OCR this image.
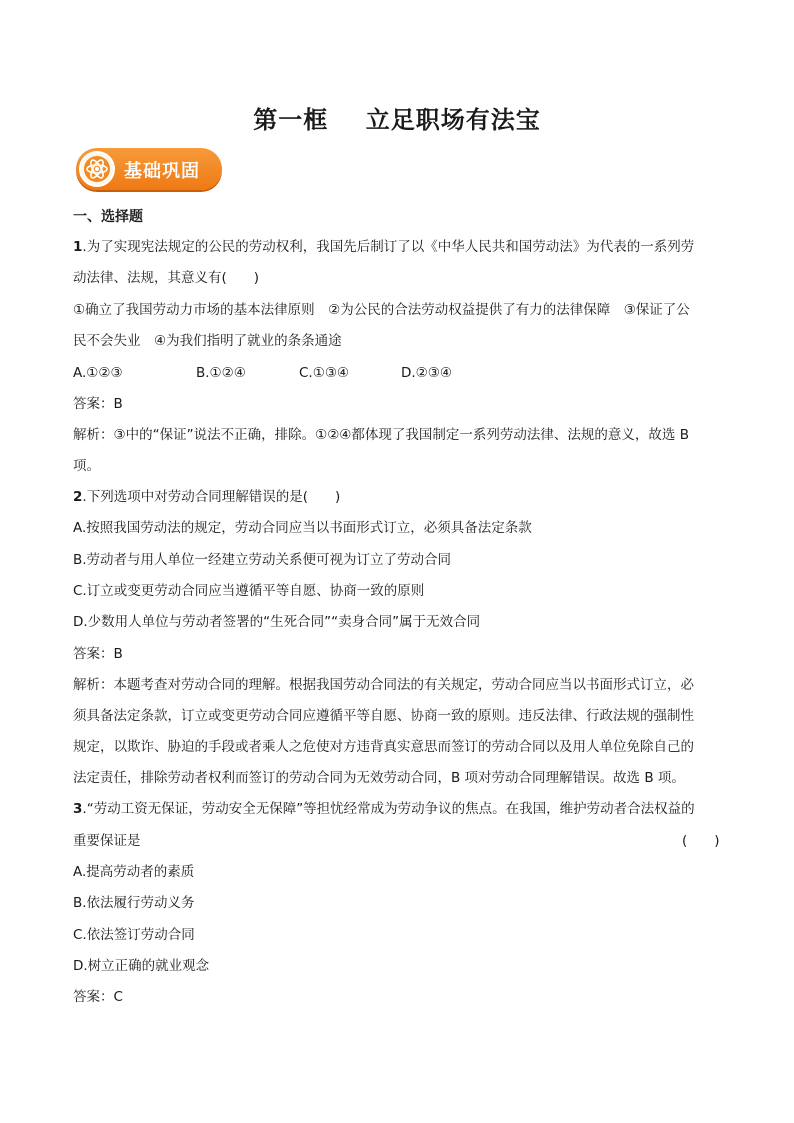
第一框    立足职场有法宝
基础巩固
一、选择题
1.为了实现宪法规定的公民的劳动权利，我国先后制订了以《中华人民共和国劳动法》为代表的一系列劳
动法律、法规，其意义有(　　)
①确立了我国劳动力市场的基本法律原则　②为公民的合法劳动权益提供了有力的法律保障　③保证了公
民不会失业　④为我们指明了就业的条条通途
A.①②③	B.①②④	C.①③④	D.②③④
答案：B
解析：③中的“保证”说法不正确，排除。①②④都体现了我国制定一系列劳动法律、法规的意义，故选 B
项。
2.下列选项中对劳动合同理解错误的是(　　)
A.按照我国劳动法的规定，劳动合同应当以书面形式订立，必须具备法定条款
B.劳动者与用人单位一经建立劳动关系便可视为订立了劳动合同
C.订立或变更劳动合同应当遵循平等自愿、协商一致的原则
D.少数用人单位与劳动者签署的“生死合同”“卖身合同”属于无效合同
答案：B
解析：本题考查对劳动合同的理解。根据我国劳动合同法的有关规定，劳动合同应当以书面形式订立，必
须具备法定条款，订立或变更劳动合同应遵循平等自愿、协商一致的原则。违反法律、行政法规的强制性
规定，以欺诈、胁迫的手段或者乘人之危使对方违背真实意思而签订的劳动合同以及用人单位免除自己的
法定责任，排除劳动者权利而签订的劳动合同为无效劳动合同，B 项对劳动合同理解错误。故选 B 项。
3.“劳动工资无保证，劳动安全无保障”等担忧经常成为劳动争议的焦点。在我国，维护劳动者合法权益的
重要保证是	(　　)
A.提高劳动者的素质
B.依法履行劳动义务
C.依法签订劳动合同
D.树立正确的就业观念
答案：C
